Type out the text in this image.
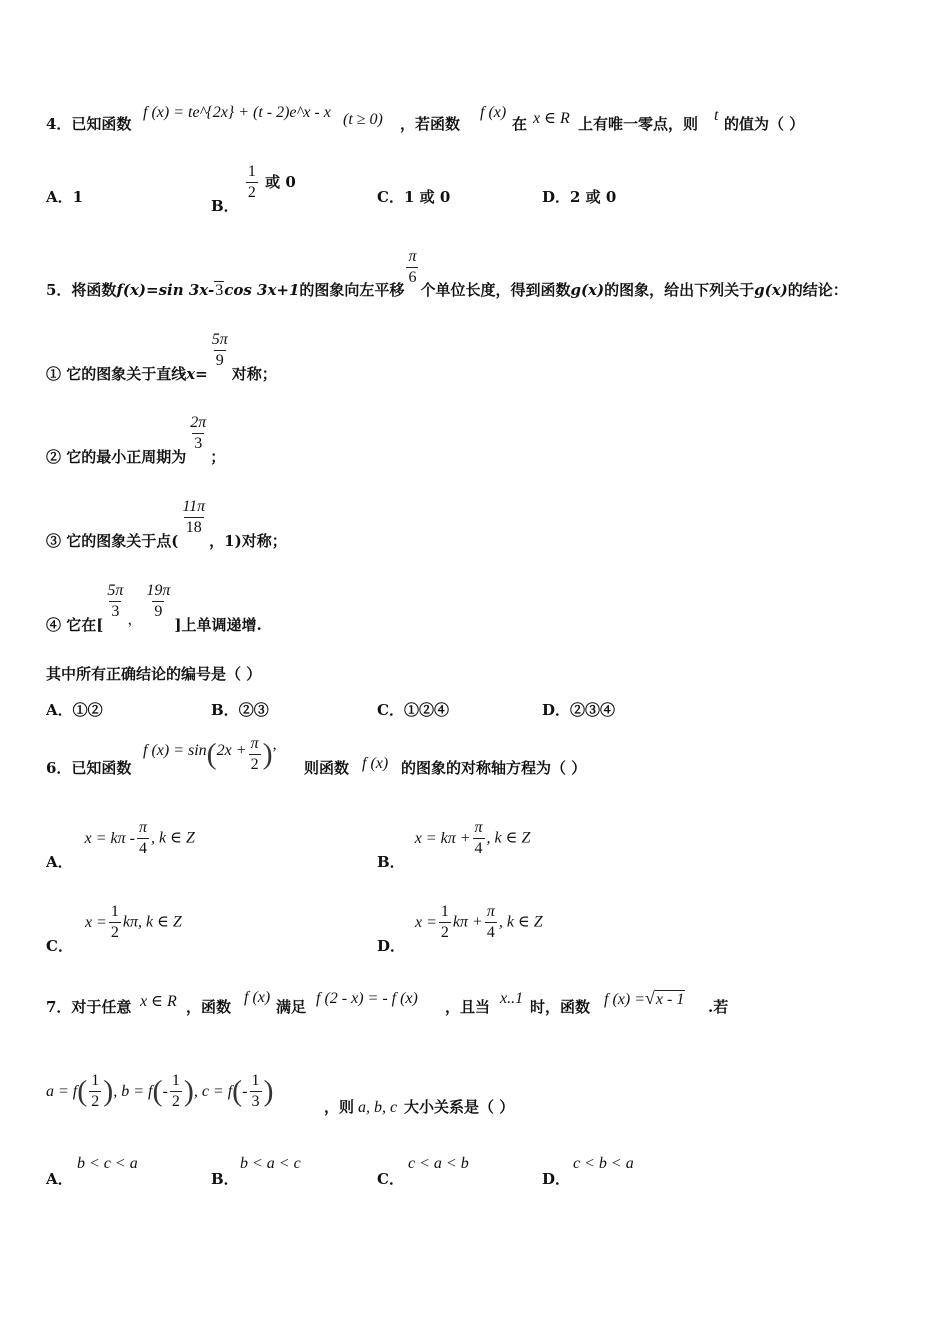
4．已知函数
f (x) = te^{2x} + (t - 2)e^x - x (t ≥ 0) ，若函数
f (x)
在 x ∈ R 上有唯一零点，则 t 的值为（ ）
A．1	B．
$\frac{1}{2}$ 或 0
C．1 或 0	D．2 或 0
5．将函数f(x)=sin 3x-3cos 3x+1的图象向左平移
$\frac{\pi}{6}$
个单位长度，得到函数g(x)的图象，给出下列关于g(x)的结论：
① 它的图象关于直线x=
$\frac{5\pi}{9}$
对称；
② 它的最小正周期为
$\frac{2\pi}{3}$
；
③ 它的图象关于点(
$\frac{11\pi}{18}$
，1)对称；
④ 它在[
$\frac{5\pi}{3}$ ， $\frac{19\pi}{9}$
]上单调递增.
其中所有正确结论的编号是（ ）
A．①②	B．②③	C．①②④	D．②③④
6．已知函数
f $(x) = \sin(2x + \frac{\pi}{2}$ ),
则函数 f (x) 的图象的对称轴方程为（ ）
A．$x = k\pi - \frac{\pi}{4}$ , k ∈ Z
B．$x = k\pi + \frac{\pi}{4}$ , k ∈ Z
C．$x = \frac{1}{2} k\pi$, k ∈ Z
D．$x = \frac{1}{2}$ $k\pi + \frac{\pi}{4}$ , k ∈ Z
7．对于任意 x ∈ R ，函数
f (x)
满足 f (2 - x) = - f (x) ，且当 x..1 时，函数 f (x) =√x - 1 .若
$a = f( \frac{1}{2}$ ), $b = f(- \frac{1}{2}$ ), $c = f(- \frac{1}{3}$ )	，则 a, b, c 大小关系是（ ）
A．
b < c < a
B．
b < a < c
C．
c < a < b
D．
c < b < a
